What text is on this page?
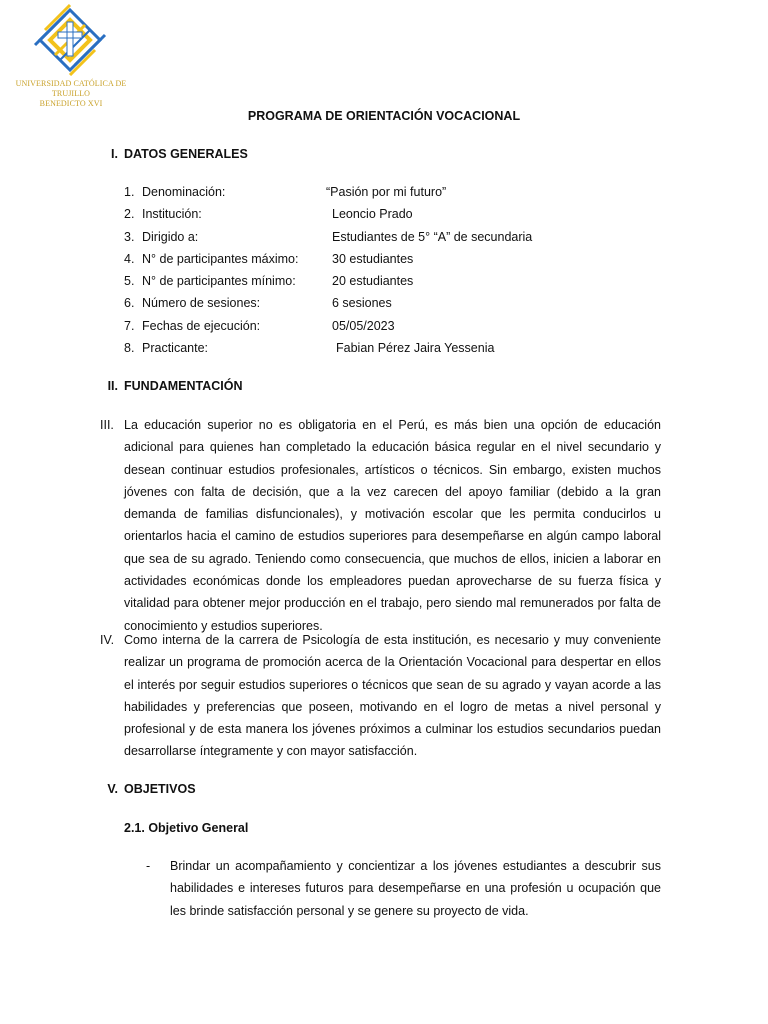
UNIVERSIDAD CATÓLICA DE TRUJILLO
BENEDICTO XVI
PROGRAMA DE ORIENTACIÓN VOCACIONAL
I. DATOS GENERALES
1. Denominación:	“Pasión por mi futuro”
2. Institución:	Leoncio Prado
3. Dirigido a:	Estudiantes de 5° “A” de secundaria
4. N° de participantes máximo:	30 estudiantes
5. N° de participantes mínimo:	20 estudiantes
6. Número de sesiones:	6 sesiones
7. Fechas de ejecución:	05/05/2023
8. Practicante:	Fabian Pérez Jaira Yessenia
II. FUNDAMENTACIÓN
III. La educación superior no es obligatoria en el Perú, es más bien una opción de educación adicional para quienes han completado la educación básica regular en el nivel secundario y desean continuar estudios profesionales, artísticos o técnicos. Sin embargo, existen muchos jóvenes con falta de decisión, que a la vez carecen del apoyo familiar (debido a la gran demanda de familias disfuncionales), y motivación escolar que les permita conducirlos u orientarlos hacia el camino de estudios superiores para desempeñarse en algún campo laboral que sea de su agrado. Teniendo como consecuencia, que muchos de ellos, inicien a laborar en actividades económicas donde los empleadores puedan aprovecharse de su fuerza física y vitalidad para obtener mejor producción en el trabajo, pero siendo mal remunerados por falta de conocimiento y estudios superiores.
IV. Como interna de la carrera de Psicología de esta institución, es necesario y muy conveniente realizar un programa de promoción acerca de la Orientación Vocacional para despertar en ellos el interés por seguir estudios superiores o técnicos que sean de su agrado y vayan acorde a las habilidades y preferencias que poseen, motivando en el logro de metas a nivel personal y profesional y de esta manera los jóvenes próximos a culminar los estudios secundarios puedan desarrollarse íntegramente y con mayor satisfacción.
V. OBJETIVOS
2.1. Objetivo General
- Brindar un acompañamiento y concientizar a los jóvenes estudiantes a descubrir sus habilidades e intereses futuros para desempeñarse en una profesión u ocupación que les brinde satisfacción personal y se genere su proyecto de vida.
